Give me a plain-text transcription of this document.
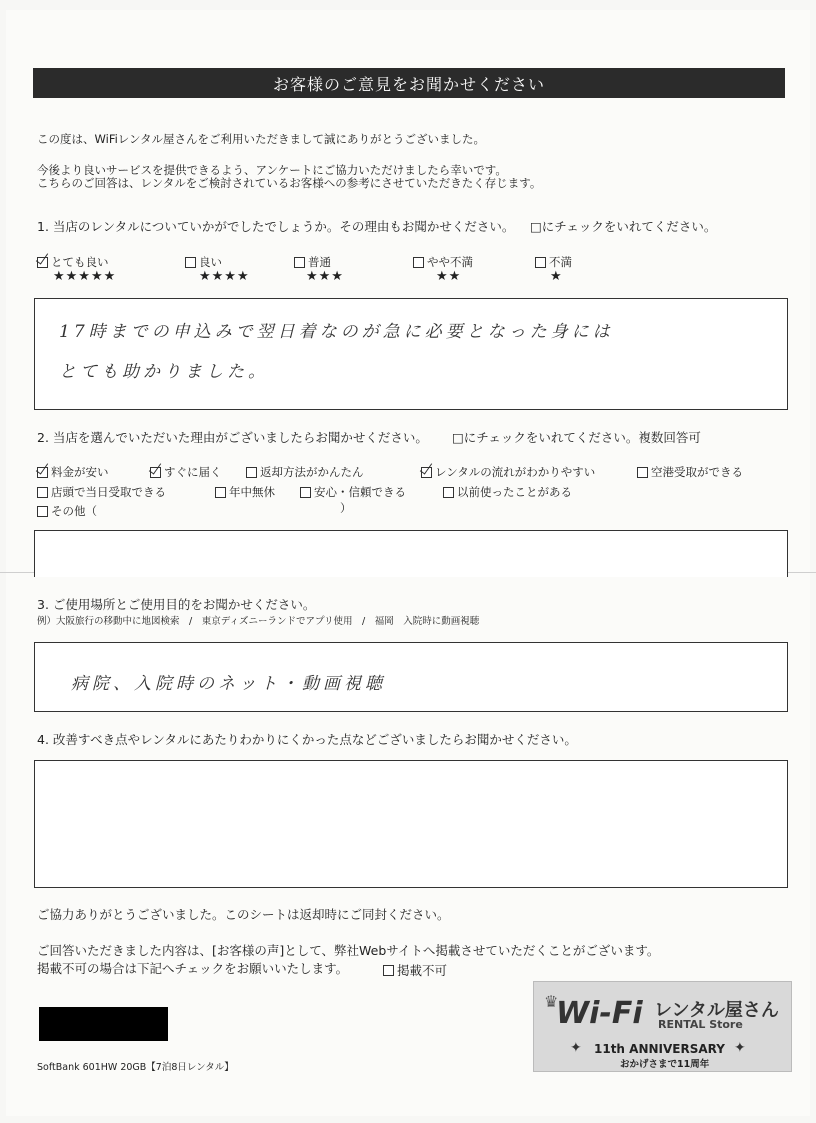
お客様のご意見をお聞かせください
この度は、WiFiレンタル屋さんをご利用いただきまして誠にありがとうございました。
今後より良いサービスを提供できるよう、アンケートにご協力いただけましたら幸いです。
こちらのご回答は、レンタルをご検討されているお客様への参考にさせていただきたく存じます。
1. 当店のレンタルについていかがでしたでしょうか。その理由もお聞かせください。 □にチェックをいれてください。
とても良い
★★★★★
良い
★★★★
普通
★★★
やや不満
★★
不満
★
17時までの申込みで翌日着なのが急に必要となった身には
とても助かりました。
2. 当店を選んでいただいた理由がございましたらお聞かせください。 □にチェックをいれてください。複数回答可
料金が安い	すぐに届く	返却方法がかんたん	レンタルの流れがわかりやすい	空港受取ができる
店頭で当日受取できる	年中無休	安心・信頼できる	以前使ったことがある
その他（	）
3. ご使用場所とご使用目的をお聞かせください。
例）大阪旅行の移動中に地図検索　/　東京ディズニーランドでアプリ使用　/　福岡　入院時に動画視聴
病院、入院時のネット・動画視聴
4. 改善すべき点やレンタルにあたりわかりにくかった点などございましたらお聞かせください。
ご協力ありがとうございました。このシートは返却時にご同封ください。
ご回答いただきました内容は、[お客様の声]として、弊社Webサイトへ掲載させていただくことがございます。
掲載不可の場合は下記へチェックをお願いいたします。	掲載不可
SoftBank 601HW 20GB【7泊8日レンタル】
♛
Wi-Fi レンタル屋さん
RENTAL Store
✦ 11th ANNIVERSARY ✦
おかげさまで11周年
